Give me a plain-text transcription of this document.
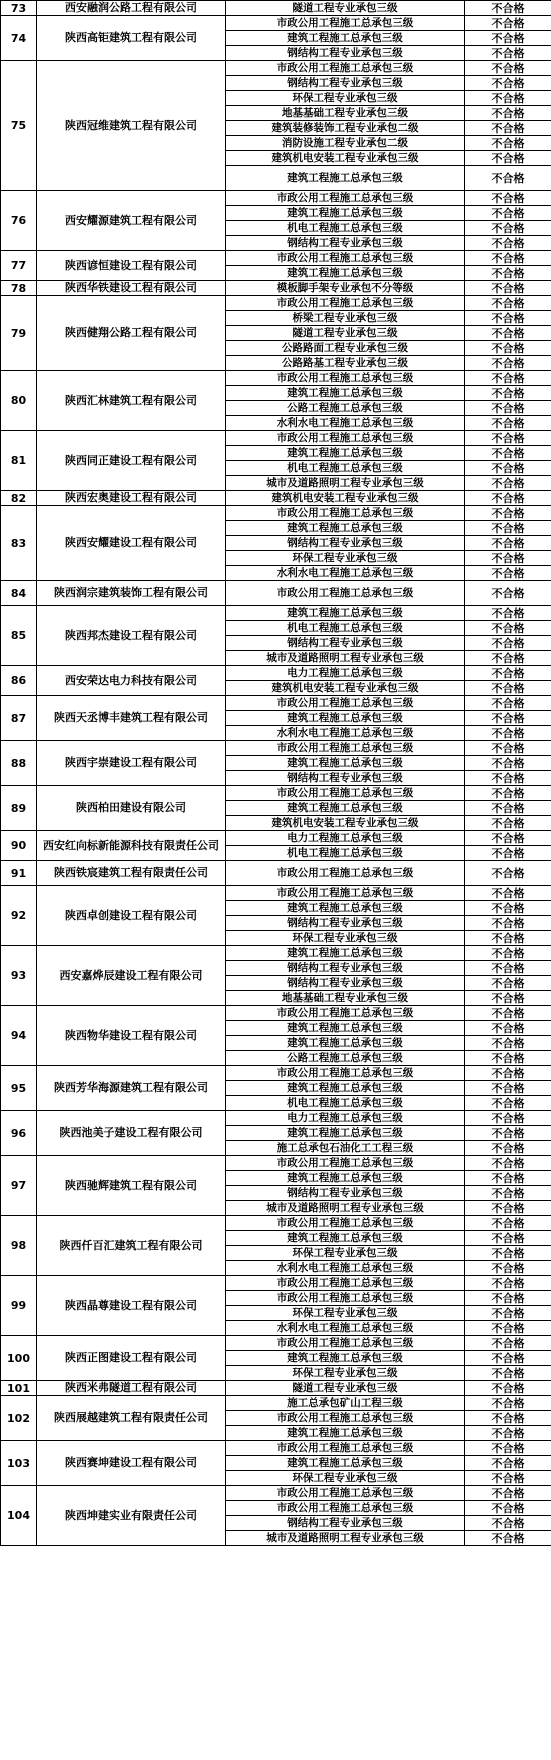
73	西安融润公路工程有限公司	隧道工程专业承包三级	不合格
74	陕西高钜建筑工程有限公司	市政公用工程施工总承包三级	不合格
		建筑工程施工总承包三级	不合格
		钢结构工程专业承包三级	不合格
75	陕西冠维建筑工程有限公司	市政公用工程施工总承包三级	不合格
		钢结构工程专业承包三级	不合格
		环保工程专业承包三级	不合格
		地基基础工程专业承包三级	不合格
		建筑装修装饰工程专业承包二级	不合格
		消防设施工程专业承包二级	不合格
		建筑机电安装工程专业承包三级	不合格
		建筑工程施工总承包三级	不合格
76	西安耀源建筑工程有限公司	市政公用工程施工总承包三级	不合格
		建筑工程施工总承包三级	不合格
		机电工程施工总承包三级	不合格
		钢结构工程专业承包三级	不合格
77	陕西谚恒建设工程有限公司	市政公用工程施工总承包三级	不合格
		建筑工程施工总承包三级	不合格
78	陕西华铁建设工程有限公司	模板脚手架专业承包不分等级	不合格
79	陕西健翔公路工程有限公司	市政公用工程施工总承包三级	不合格
		桥梁工程专业承包三级	不合格
		隧道工程专业承包三级	不合格
		公路路面工程专业承包三级	不合格
		公路路基工程专业承包三级	不合格
80	陕西汇林建筑工程有限公司	市政公用工程施工总承包三级	不合格
		建筑工程施工总承包三级	不合格
		公路工程施工总承包三级	不合格
		水利水电工程施工总承包三级	不合格
81	陕西同正建设工程有限公司	市政公用工程施工总承包三级	不合格
		建筑工程施工总承包三级	不合格
		机电工程施工总承包三级	不合格
		城市及道路照明工程专业承包三级	不合格
82	陕西宏奥建设工程有限公司	建筑机电安装工程专业承包三级	不合格
83	陕西安耀建设工程有限公司	市政公用工程施工总承包三级	不合格
		建筑工程施工总承包三级	不合格
		钢结构工程专业承包三级	不合格
		环保工程专业承包三级	不合格
		水利水电工程施工总承包三级	不合格
84	陕西润宗建筑装饰工程有限公司	市政公用工程施工总承包三级	不合格
85	陕西邦杰建设工程有限公司	建筑工程施工总承包三级	不合格
		机电工程施工总承包三级	不合格
		钢结构工程专业承包三级	不合格
		城市及道路照明工程专业承包三级	不合格
86	西安荣达电力科技有限公司	电力工程施工总承包三级	不合格
		建筑机电安装工程专业承包三级	不合格
87	陕西天丞博丰建筑工程有限公司	市政公用工程施工总承包三级	不合格
		建筑工程施工总承包三级	不合格
		水利水电工程施工总承包三级	不合格
88	陕西宇崇建设工程有限公司	市政公用工程施工总承包三级	不合格
		建筑工程施工总承包三级	不合格
		钢结构工程专业承包三级	不合格
89	陕西柏田建设有限公司	市政公用工程施工总承包三级	不合格
		建筑工程施工总承包三级	不合格
		建筑机电安装工程专业承包三级	不合格
90	西安红向标新能源科技有限责任公司	电力工程施工总承包三级	不合格
		机电工程施工总承包三级	不合格
91	陕西铁宸建筑工程有限责任公司	市政公用工程施工总承包三级	不合格
92	陕西卓创建设工程有限公司	市政公用工程施工总承包三级	不合格
		建筑工程施工总承包三级	不合格
		钢结构工程专业承包三级	不合格
		环保工程专业承包三级	不合格
93	西安嘉烨辰建设工程有限公司	建筑工程施工总承包三级	不合格
		钢结构工程专业承包三级	不合格
		钢结构工程专业承包三级	不合格
		地基基础工程专业承包三级	不合格
94	陕西物华建设工程有限公司	市政公用工程施工总承包三级	不合格
		建筑工程施工总承包三级	不合格
		建筑工程施工总承包三级	不合格
		公路工程施工总承包三级	不合格
95	陕西芳华海源建筑工程有限公司	市政公用工程施工总承包三级	不合格
		建筑工程施工总承包三级	不合格
		机电工程施工总承包三级	不合格
96	陕西池美子建设工程有限公司	电力工程施工总承包三级	不合格
		建筑工程施工总承包三级	不合格
		施工总承包石油化工工程三级	不合格
97	陕西驰辉建筑工程有限公司	市政公用工程施工总承包三级	不合格
		建筑工程施工总承包三级	不合格
		钢结构工程专业承包三级	不合格
		城市及道路照明工程专业承包三级	不合格
98	陕西仟百汇建筑工程有限公司	市政公用工程施工总承包三级	不合格
		建筑工程施工总承包三级	不合格
		环保工程专业承包三级	不合格
		水利水电工程施工总承包三级	不合格
99	陕西晶尊建设工程有限公司	市政公用工程施工总承包三级	不合格
		市政公用工程施工总承包三级	不合格
		环保工程专业承包三级	不合格
		水利水电工程施工总承包三级	不合格
100	陕西正图建设工程有限公司	市政公用工程施工总承包三级	不合格
		建筑工程施工总承包三级	不合格
		环保工程专业承包三级	不合格
101	陕西米弗隧道工程有限公司	隧道工程专业承包三级	不合格
102	陕西展越建筑工程有限责任公司	施工总承包矿山工程三级	不合格
		市政公用工程施工总承包三级	不合格
		建筑工程施工总承包三级	不合格
103	陕西赛坤建设工程有限公司	市政公用工程施工总承包三级	不合格
		建筑工程施工总承包三级	不合格
		环保工程专业承包三级	不合格
104	陕西坤建实业有限责任公司	市政公用工程施工总承包三级	不合格
		市政公用工程施工总承包三级	不合格
		钢结构工程专业承包三级	不合格
		城市及道路照明工程专业承包三级	不合格
